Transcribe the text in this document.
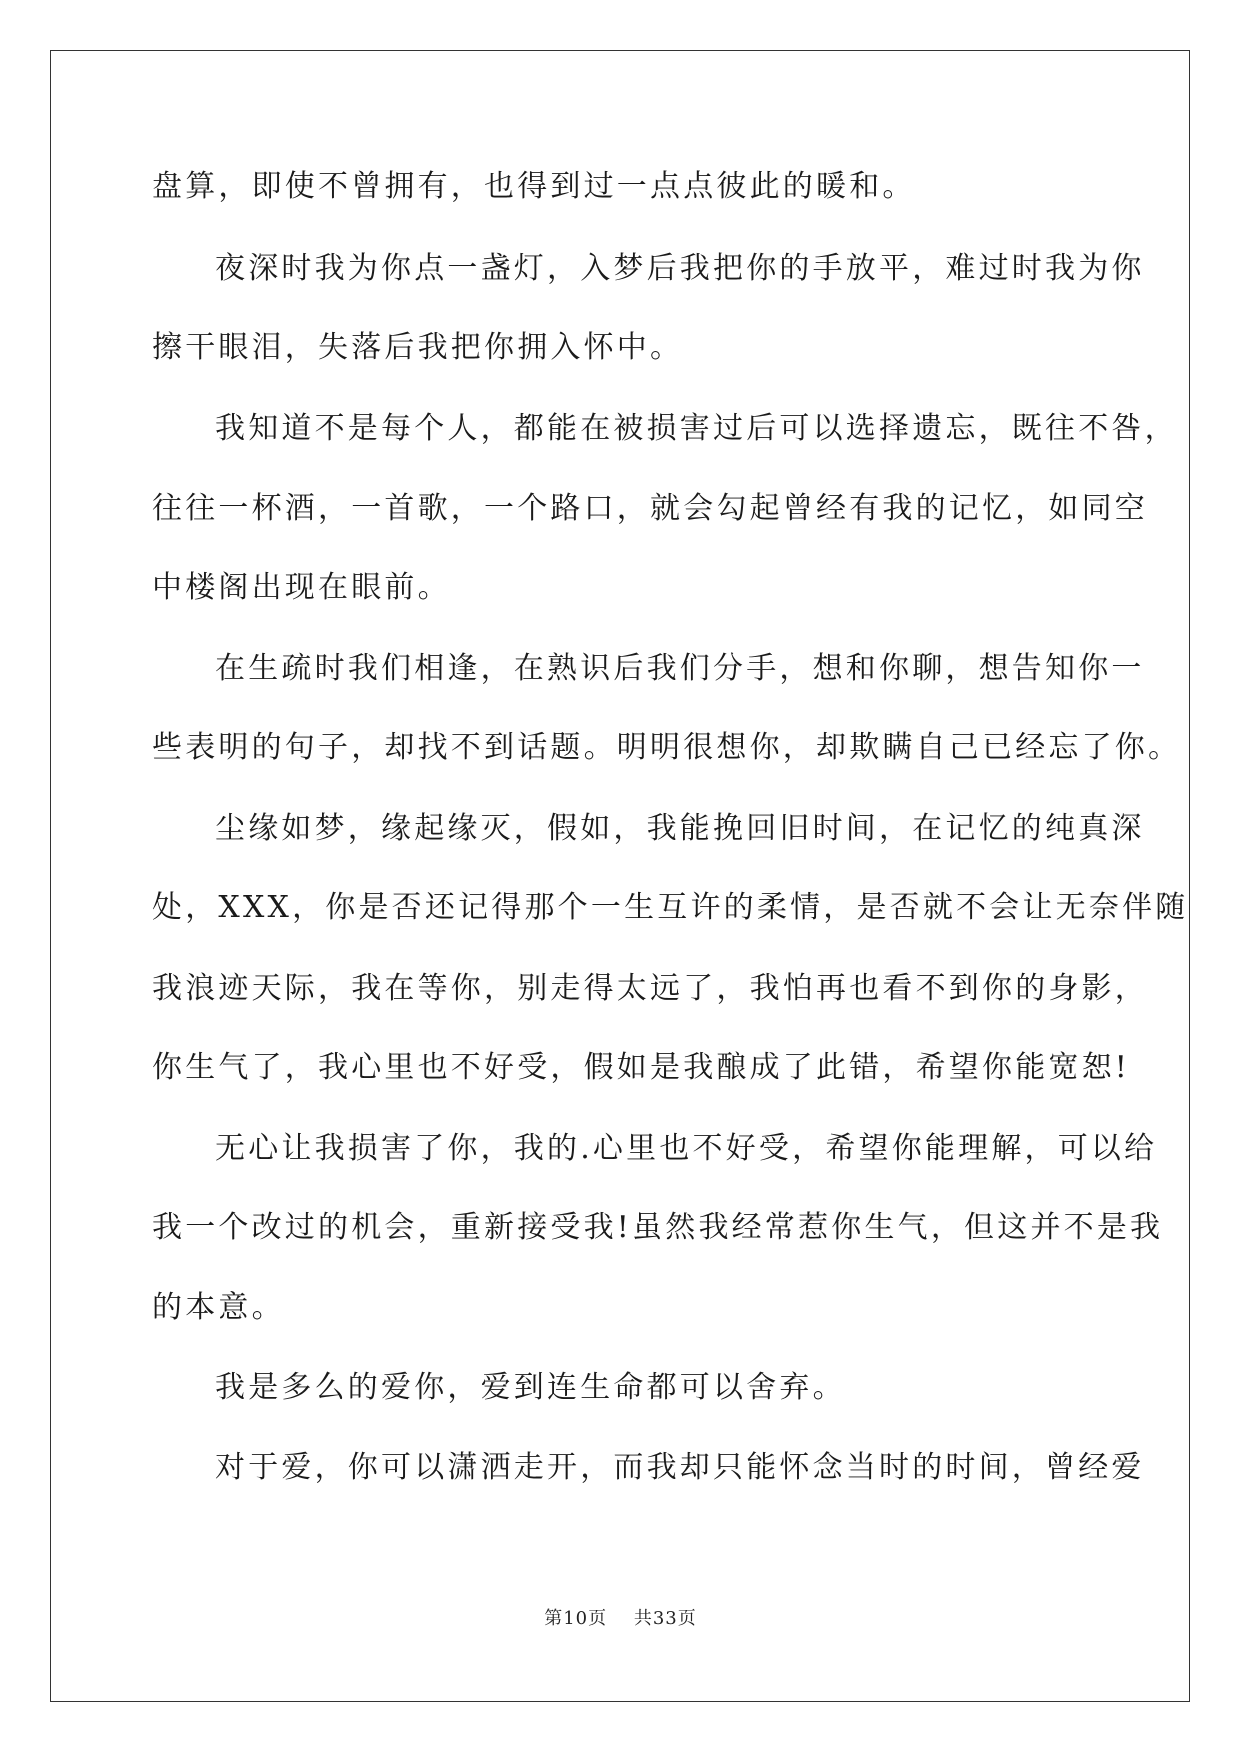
盘算，即使不曾拥有，也得到过一点点彼此的暖和。
夜深时我为你点一盏灯，入梦后我把你的手放平，难过时我为你
擦干眼泪，失落后我把你拥入怀中。
我知道不是每个人，都能在被损害过后可以选择遗忘，既往不咎，
往往一杯酒，一首歌，一个路口，就会勾起曾经有我的记忆，如同空
中楼阁出现在眼前。
在生疏时我们相逢，在熟识后我们分手，想和你聊，想告知你一
些表明的句子，却找不到话题。明明很想你，却欺瞒自己已经忘了你。
尘缘如梦，缘起缘灭，假如，我能挽回旧时间，在记忆的纯真深
处，XXX，你是否还记得那个一生互许的柔情，是否就不会让无奈伴随
我浪迹天际，我在等你，别走得太远了，我怕再也看不到你的身影，
你生气了，我心里也不好受，假如是我酿成了此错，希望你能宽恕!
无心让我损害了你，我的.心里也不好受，希望你能理解，可以给
我一个改过的机会，重新接受我!虽然我经常惹你生气，但这并不是我
的本意。
我是多么的爱你，爱到连生命都可以舍弃。
对于爱，你可以潇洒走开，而我却只能怀念当时的时间，曾经爱
第10页 共33页
